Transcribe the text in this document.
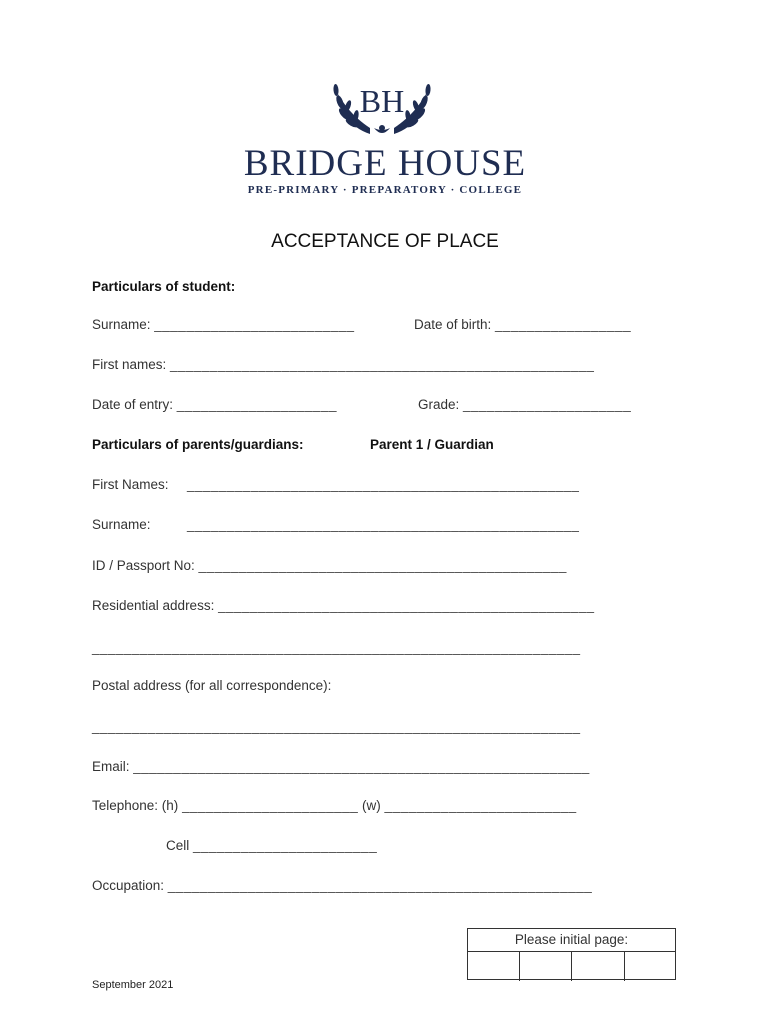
BH
BRIDGE HOUSE
PRE-PRIMARY · PREPARATORY · COLLEGE
ACCEPTANCE OF PLACE
Particulars of student:
Surname: _________________________	Date of birth: _________________
First names: _____________________________________________________
Date of entry: ____________________	Grade: _____________________
Particulars of parents/guardians:	Parent 1 / Guardian
First Names: _________________________________________________
Surname:	_________________________________________________
ID / Passport No: ______________________________________________
Residential address: _______________________________________________
_____________________________________________________________
Postal address (for all correspondence):
_____________________________________________________________
Email: _________________________________________________________
Telephone: (h) ______________________ (w) ________________________
Cell _______________________
Occupation: _____________________________________________________
Please initial page:
September 2021
